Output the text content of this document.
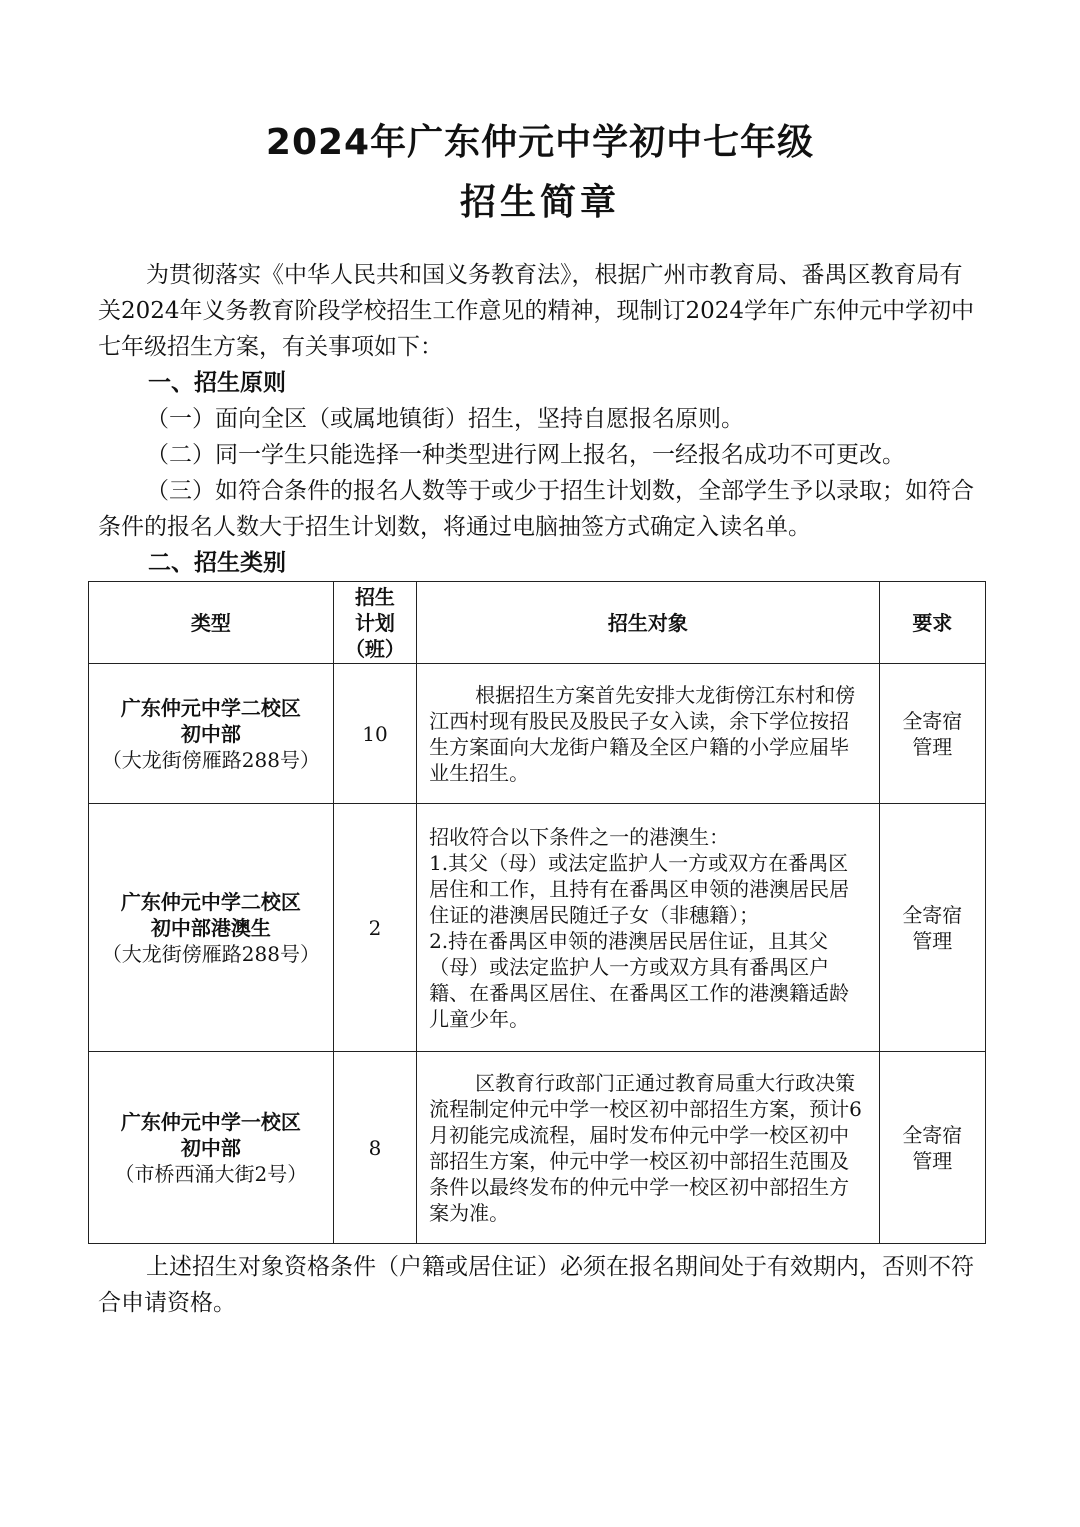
2024年广东仲元中学初中七年级
招生简章

为贯彻落实《中华人民共和国义务教育法》，根据广州市教育局、番禺区教育局有关2024年义务教育阶段学校招生工作意见的精神，现制订2024学年广东仲元中学初中七年级招生方案，有关事项如下：

一、招生原则

（一）面向全区（或属地镇街）招生，坚持自愿报名原则。

（二）同一学生只能选择一种类型进行网上报名，一经报名成功不可更改。

（三）如符合条件的报名人数等于或少于招生计划数，全部学生予以录取；如符合条件的报名人数大于招生计划数，将通过电脑抽签方式确定入读名单。

二、招生类别

类型	招生
计划
（班）	招生对象	要求

广东仲元中学二校区
初中部
（大龙街傍雁路288号）	10	根据招生方案首先安排大龙街傍江东村和傍江西村现有股民及股民子女入读，余下学位按招生方案面向大龙街户籍及全区户籍的小学应届毕业生招生。	全寄宿
管理

广东仲元中学二校区
初中部港澳生
（大龙街傍雁路288号）	2	招收符合以下条件之一的港澳生：
1.其父（母）或法定监护人一方或双方在番禺区居住和工作，且持有在番禺区申领的港澳居民居住证的港澳居民随迁子女（非穗籍）；
2.持在番禺区申领的港澳居民居住证，且其父（母）或法定监护人一方或双方具有番禺区户籍、在番禺区居住、在番禺区工作的港澳籍适龄儿童少年。	全寄宿
管理

广东仲元中学一校区
初中部
（市桥西涌大街2号）	8	区教育行政部门正通过教育局重大行政决策流程制定仲元中学一校区初中部招生方案，预计6月初能完成流程，届时发布仲元中学一校区初中部招生方案，仲元中学一校区初中部招生范围及条件以最终发布的仲元中学一校区初中部招生方案为准。	全寄宿
管理

上述招生对象资格条件（户籍或居住证）必须在报名期间处于有效期内，否则不符合申请资格。
